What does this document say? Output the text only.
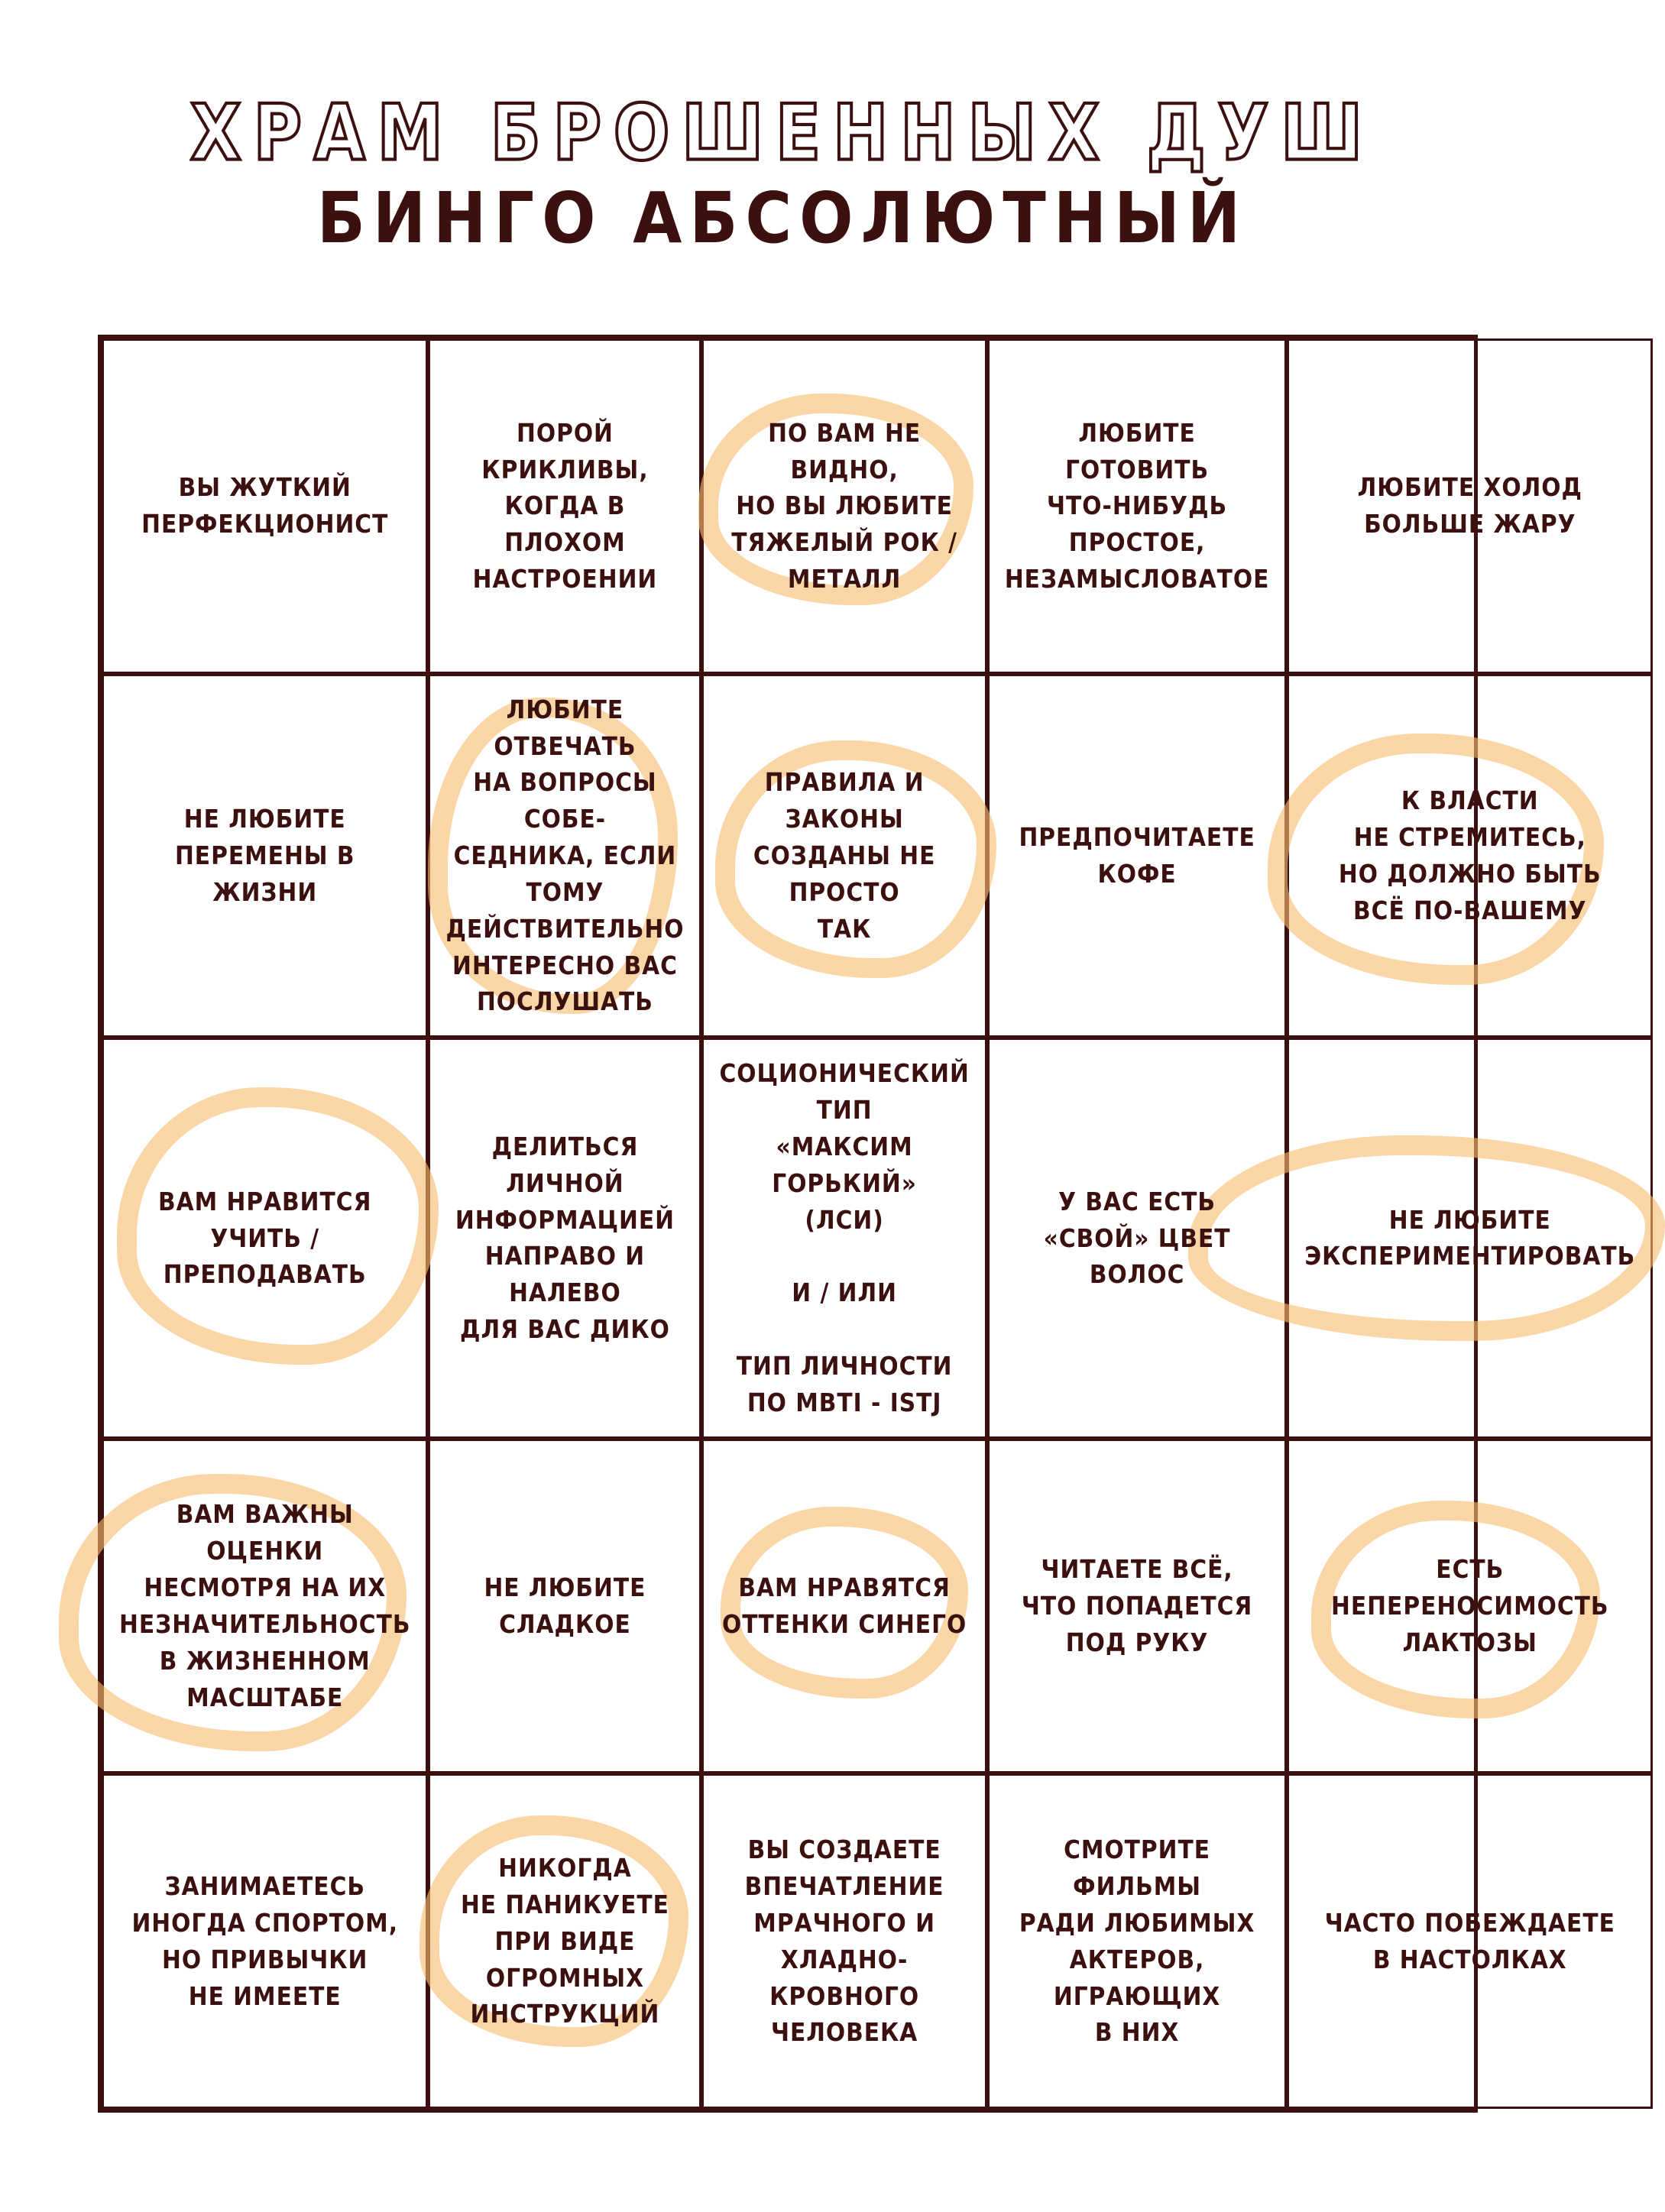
ХРАМ БРОШЕННЫХ ДУШ
БИНГО АБСОЛЮТНЫЙ
ВЫ ЖУТКИЙ
ПЕРФЕКЦИОНИСТ
ПОРОЙ КРИКЛИВЫ,
КОГДА В ПЛОХОМ
НАСТРОЕНИИ
ПО ВАМ НЕ ВИДНО,
НО ВЫ ЛЮБИТЕ
ТЯЖЕЛЫЙ РОК /
МЕТАЛЛ
ЛЮБИТЕ ГОТОВИТЬ
ЧТО-НИБУДЬ ПРОСТОЕ,
НЕЗАМЫСЛОВАТОЕ
ЛЮБИТЕ ХОЛОД
БОЛЬШЕ ЖАРУ
НЕ ЛЮБИТЕ
ПЕРЕМЕНЫ В ЖИЗНИ
ЛЮБИТЕ ОТВЕЧАТЬ
НА ВОПРОСЫ СОБЕ-
СЕДНИКА, ЕСЛИ ТОМУ
ДЕЙСТВИТЕЛЬНО
ИНТЕРЕСНО ВАС
ПОСЛУШАТЬ
ПРАВИЛА И ЗАКОНЫ
СОЗДАНЫ НЕ ПРОСТО
ТАК
ПРЕДПОЧИТАЕТЕ
КОФЕ
К ВЛАСТИ
НЕ СТРЕМИТЕСЬ,
НО ДОЛЖНО БЫТЬ
ВСЁ ПО-ВАШЕМУ
ВАМ НРАВИТСЯ
УЧИТЬ /
ПРЕПОДАВАТЬ
ДЕЛИТЬСЯ ЛИЧНОЙ
ИНФОРМАЦИЕЙ
НАПРАВО И НАЛЕВО
ДЛЯ ВАС ДИКО
СОЦИОНИЧЕСКИЙ ТИП
«МАКСИМ ГОРЬКИЙ»
(ЛСИ)

И / ИЛИ

ТИП ЛИЧНОСТИ
ПО MBTI - ISTJ
У ВАС ЕСТЬ
«СВОЙ» ЦВЕТ ВОЛОС
НЕ ЛЮБИТЕ
ЭКСПЕРИМЕНТИРОВАТЬ
ВАМ ВАЖНЫ ОЦЕНКИ
НЕСМОТРЯ НА ИХ
НЕЗНАЧИТЕЛЬНОСТЬ
В ЖИЗНЕННОМ
МАСШТАБЕ
НЕ ЛЮБИТЕ СЛАДКОЕ
ВАМ НРАВЯТСЯ
ОТТЕНКИ СИНЕГО
ЧИТАЕТЕ ВСЁ,
ЧТО ПОПАДЕТСЯ
ПОД РУКУ
ЕСТЬ
НЕПЕРЕНОСИМОСТЬ
ЛАКТОЗЫ
ЗАНИМАЕТЕСЬ
ИНОГДА СПОРТОМ,
НО ПРИВЫЧКИ
НЕ ИМЕЕТЕ
НИКОГДА
НЕ ПАНИКУЕТЕ
ПРИ ВИДЕ ОГРОМНЫХ
ИНСТРУКЦИЙ
ВЫ СОЗДАЕТЕ
ВПЕЧАТЛЕНИЕ
МРАЧНОГО И ХЛАДНО-
КРОВНОГО ЧЕЛОВЕКА
СМОТРИТЕ ФИЛЬМЫ
РАДИ ЛЮБИМЫХ
АКТЕРОВ, ИГРАЮЩИХ
В НИХ
ЧАСТО ПОБЕЖДАЕТЕ
В НАСТОЛКАХ
